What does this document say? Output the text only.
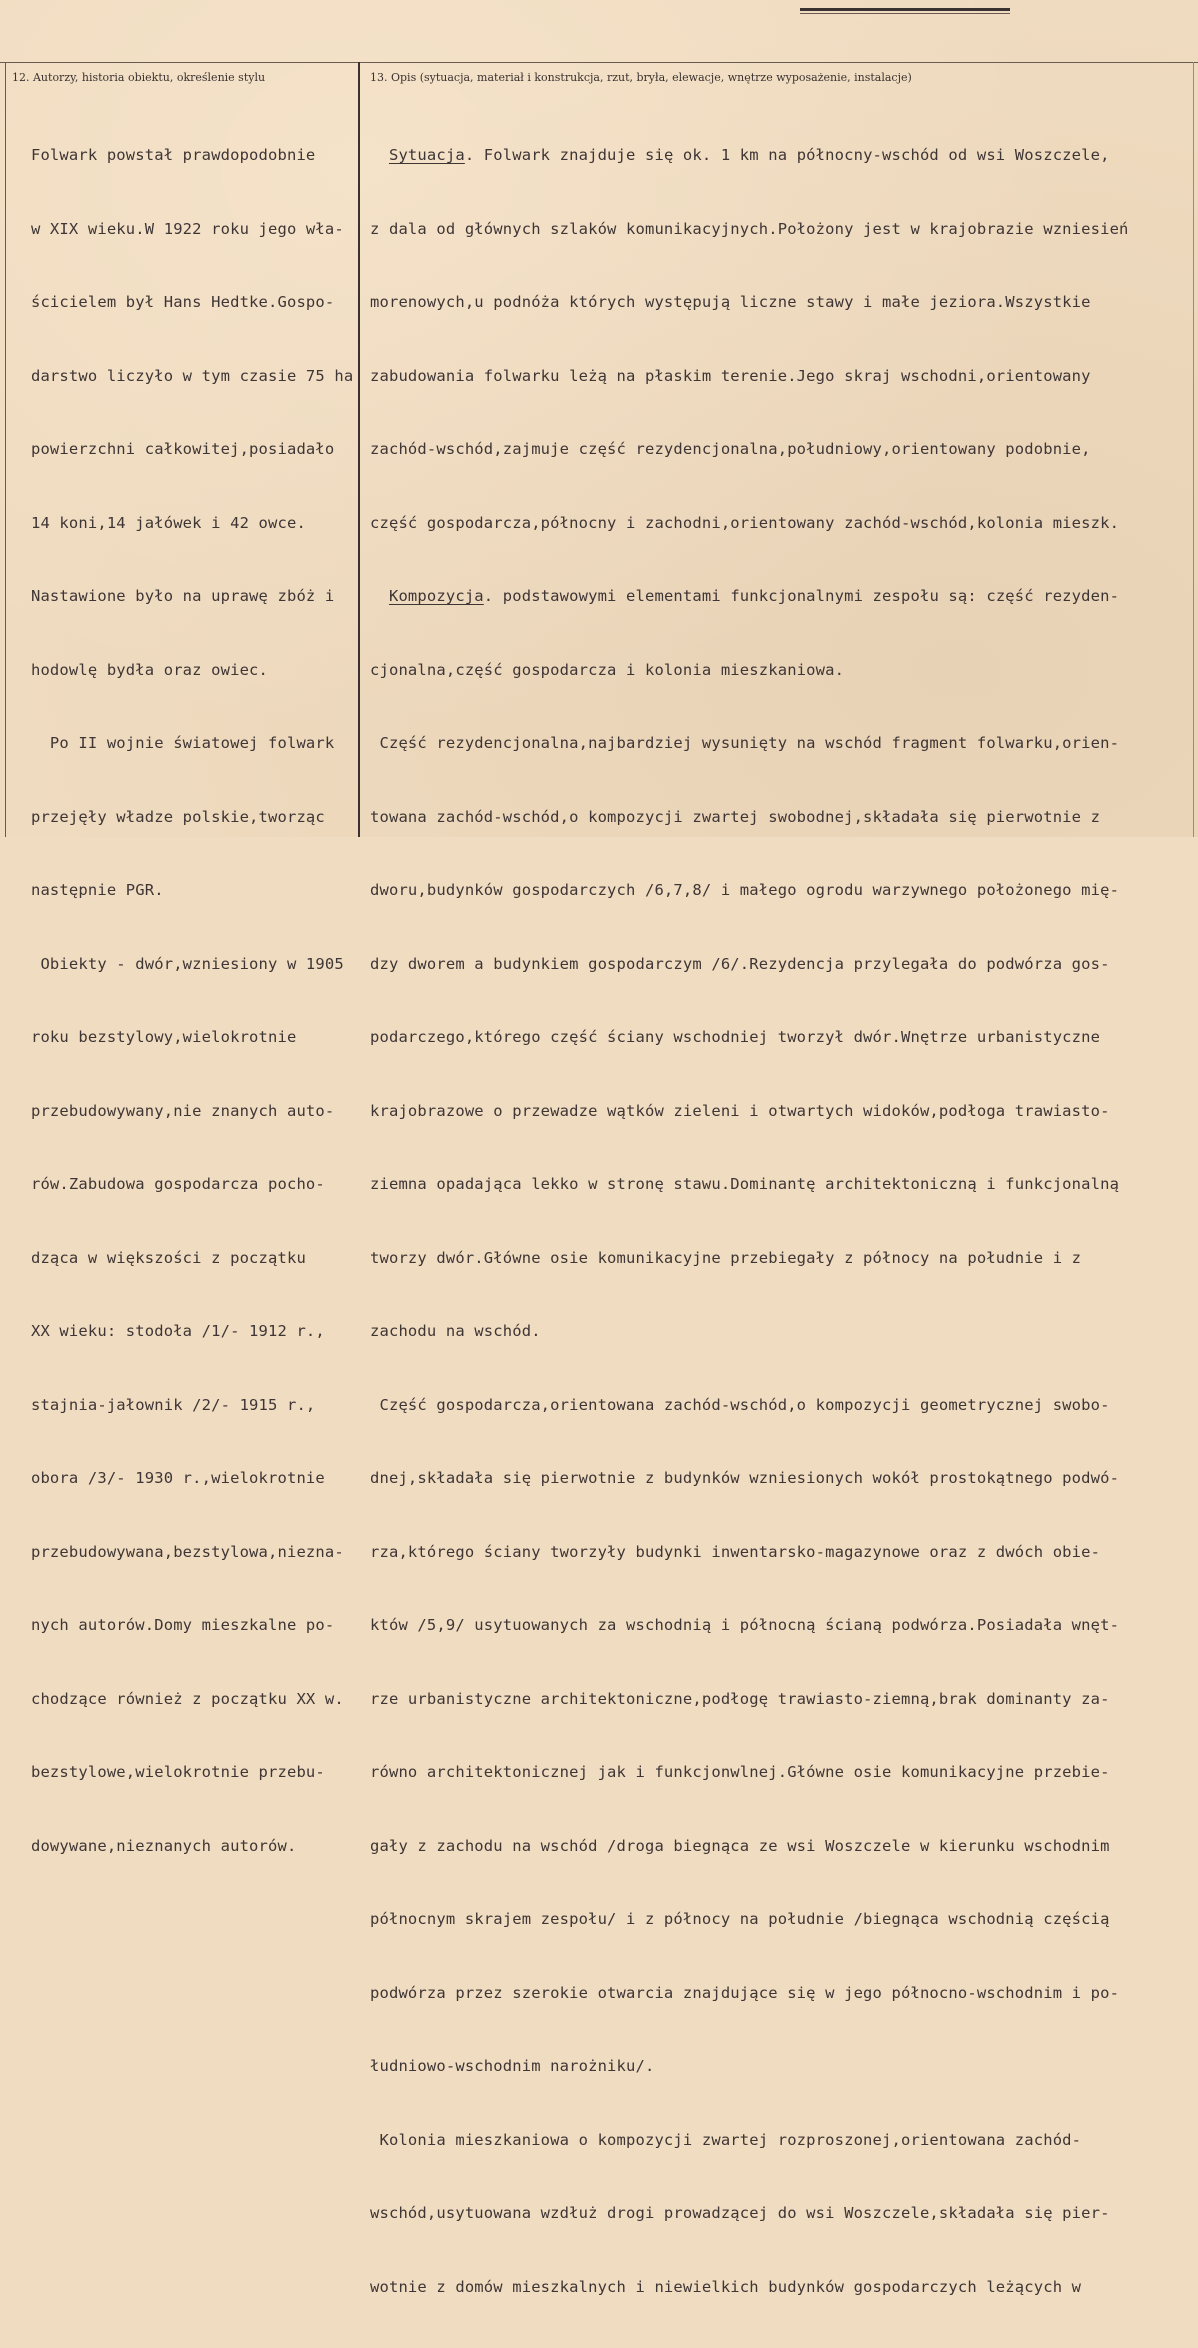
12. Autorzy, historia obiektu, określenie stylu	13. Opis (sytuacja, materiał i konstrukcja, rzut, bryła, elewacje, wnętrze wyposażenie, instalacje)

Folwark powstał prawdopodobnie

w XIX wieku.W 1922 roku jego wła-

ścicielem był Hans Hedtke.Gospo-

darstwo liczyło w tym czasie 75 ha

powierzchni całkowitej,posiadało

14 koni,14 jałówek i 42 owce.

Nastawione było na uprawę zbóż i

hodowlę bydła oraz owiec.

Po II wojnie światowej folwark

przejęły władze polskie,tworząc

następnie PGR.

Obiekty - dwór,wzniesiony w 1905

roku bezstylowy,wielokrotnie

przebudowywany,nie znanych auto-

rów.Zabudowa gospodarcza pocho-

dząca w większości z początku

XX wieku: stodoła /1/- 1912 r.,

stajnia-jałownik /2/- 1915 r.,

obora /3/- 1930 r.,wielokrotnie

przebudowywana,bezstylowa,niezna-

nych autorów.Domy mieszkalne po-

chodzące również z początku XX w.

bezstylowe,wielokrotnie przebu-

dowywane,nieznanych autorów.

Sytuacja. Folwark znajduje się ok. 1 km na północny-wschód od wsi Woszczele,

z dala od głównych szlaków komunikacyjnych.Położony jest w krajobrazie wzniesień

morenowych,u podnóża których występują liczne stawy i małe jeziora.Wszystkie

zabudowania folwarku leżą na płaskim terenie.Jego skraj wschodni,orientowany

zachód-wschód,zajmuje część rezydencjonalna,południowy,orientowany podobnie,

część gospodarcza,północny i zachodni,orientowany zachód-wschód,kolonia mieszk.

Kompozycja. podstawowymi elementami funkcjonalnymi zespołu są: część rezyden-

cjonalna,część gospodarcza i kolonia mieszkaniowa.

Część rezydencjonalna,najbardziej wysunięty na wschód fragment folwarku,orien-

towana zachód-wschód,o kompozycji zwartej swobodnej,składała się pierwotnie z

dworu,budynków gospodarczych /6,7,8/ i małego ogrodu warzywnego położonego mię-

dzy dworem a budynkiem gospodarczym /6/.Rezydencja przylegała do podwórza gos-

podarczego,którego część ściany wschodniej tworzył dwór.Wnętrze urbanistyczne

krajobrazowe o przewadze wątków zieleni i otwartych widoków,podłoga trawiasto-

ziemna opadająca lekko w stronę stawu.Dominantę architektoniczną i funkcjonalną

tworzy dwór.Główne osie komunikacyjne przebiegały z północy na południe i z

zachodu na wschód.

Część gospodarcza,orientowana zachód-wschód,o kompozycji geometrycznej swobo-

dnej,składała się pierwotnie z budynków wzniesionych wokół prostokątnego podwó-

rza,którego ściany tworzyły budynki inwentarsko-magazynowe oraz z dwóch obie-

któw /5,9/ usytuowanych za wschodnią i północną ścianą podwórza.Posiadała wnęt-

rze urbanistyczne architektoniczne,podłogę trawiasto-ziemną,brak dominanty za-

równo architektonicznej jak i funkcjonwlnej.Główne osie komunikacyjne przebie-

gały z zachodu na wschód /droga biegnąca ze wsi Woszczele w kierunku wschodnim

północnym skrajem zespołu/ i z północy na południe /biegnąca wschodnią częścią

podwórza przez szerokie otwarcia znajdujące się w jego północno-wschodnim i po-

łudniowo-wschodnim narożniku/.

Kolonia mieszkaniowa o kompozycji zwartej rozproszonej,orientowana zachód-

wschód,usytuowana wzdłuż drogi prowadzącej do wsi Woszczele,składała się pier-

wotnie z domów mieszkalnych i niewielkich budynków gospodarczych leżących w
